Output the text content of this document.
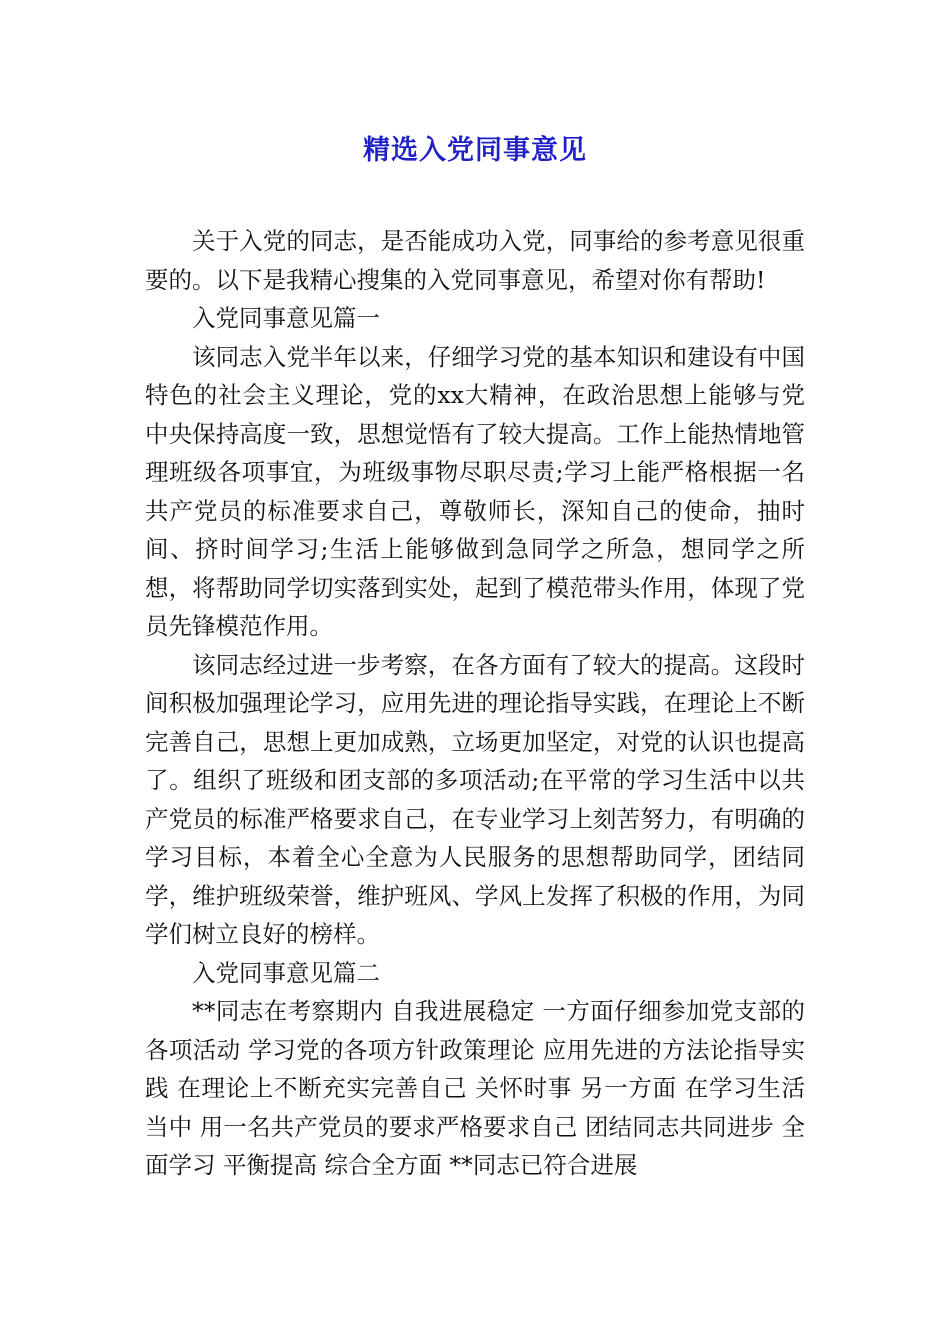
精选入党同事意见

关于入党的同志，是否能成功入党，同事给的参考意见很重要的。以下是我精心搜集的入党同事意见，希望对你有帮助!

入党同事意见篇一

该同志入党半年以来，仔细学习党的基本知识和建设有中国特色的社会主义理论，党的xx大精神，在政治思想上能够与党中央保持高度一致，思想觉悟有了较大提高。工作上能热情地管理班级各项事宜，为班级事物尽职尽责;学习上能严格根据一名共产党员的标准要求自己，尊敬师长，深知自己的使命，抽时间、挤时间学习;生活上能够做到急同学之所急，想同学之所想，将帮助同学切实落到实处，起到了模范带头作用，体现了党员先锋模范作用。

该同志经过进一步考察，在各方面有了较大的提高。这段时间积极加强理论学习，应用先进的理论指导实践，在理论上不断完善自己，思想上更加成熟，立场更加坚定，对党的认识也提高了。组织了班级和团支部的多项活动;在平常的学习生活中以共产党员的标准严格要求自己，在专业学习上刻苦努力，有明确的学习目标，本着全心全意为人民服务的思想帮助同学，团结同学，维护班级荣誉，维护班风、学风上发挥了积极的作用，为同学们树立良好的榜样。

入党同事意见篇二

**同志在考察期内 自我进展稳定 一方面仔细参加党支部的各项活动 学习党的各项方针政策理论 应用先进的方法论指导实践 在理论上不断充实完善自己 关怀时事 另一方面 在学习生活当中 用一名共产党员的要求严格要求自己 团结同志共同进步 全面学习 平衡提高 综合全方面 **同志已符合进展
